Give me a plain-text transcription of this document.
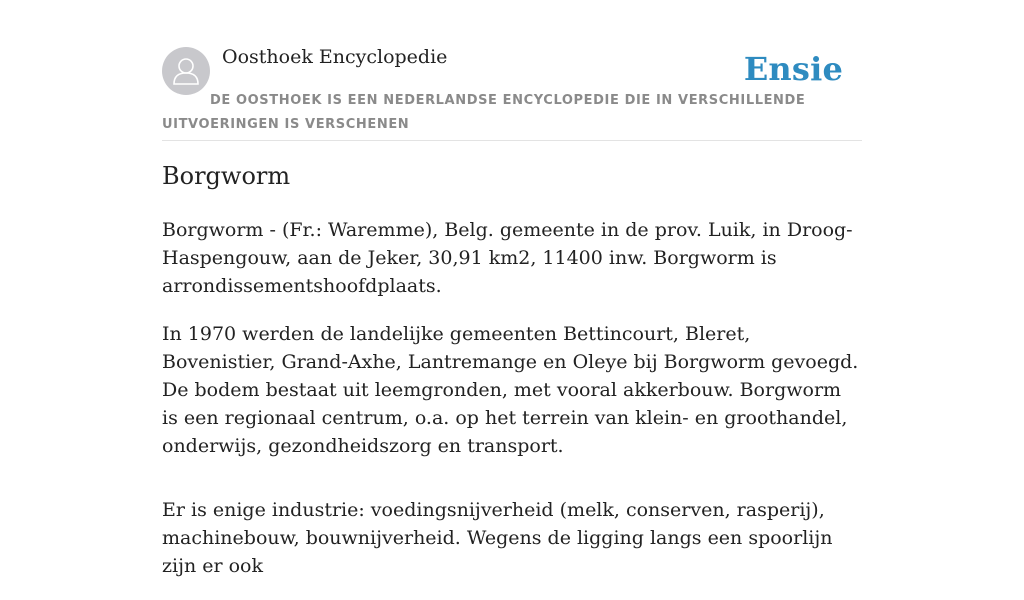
Oosthoek Encyclopedie	Ensie
DE OOSTHOEK IS EEN NEDERLANDSE ENCYCLOPEDIE DIE IN VERSCHILLENDE UITVOERINGEN IS VERSCHENEN
Borgworm

Borgworm - (Fr.: Waremme), Belg. gemeente in de prov. Luik, in Droog-Haspengouw, aan de Jeker, 30,91 km2, 11400 inw. Borgworm is arrondissementshoofdplaats.

In 1970 werden de landelijke gemeenten Bettincourt, Bleret, Bovenistier, Grand-Axhe, Lantremange en Oleye bij Borgworm gevoegd. De bodem bestaat uit leemgronden, met vooral akkerbouw. Borgworm is een regionaal centrum, o.a. op het terrein van klein- en groothandel, onderwijs, gezondheidszorg en transport.

Er is enige industrie: voedingsnijverheid (melk, conserven, rasperij), machinebouw, bouwnijverheid. Wegens de ligging langs een spoorlijn zijn er ook
